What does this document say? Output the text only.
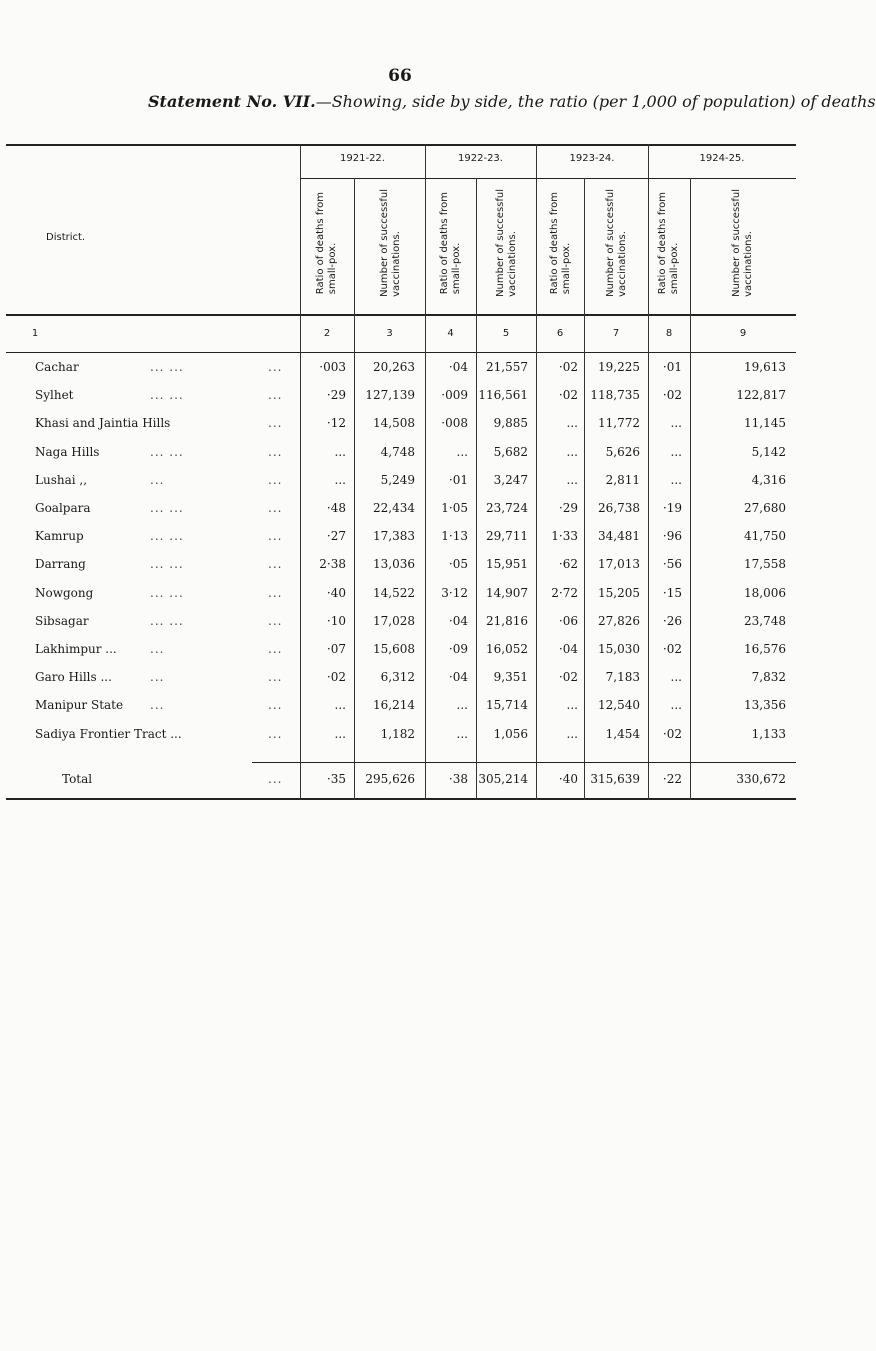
66
Statement No. VII.—Showing, side by side, the ratio (per 1,000 of population) of deaths
1921-22.	1922-23.	1923-24.	1924-25.
District.
Ratio of deaths from
small-pox.	Number of successful
vaccinations.	Ratio of deaths from
small-pox.	Number of successful
vaccinations.	Ratio of deaths from
small-pox.	Number of successful
vaccinations.	Ratio of deaths from
small-pox.	Number of successful
vaccinations.
1	2	3	4	5	6	7	8	9
Cachar	... ...	...	·003	20,263	·04	21,557	·02	19,225	·01	19,613
Sylhet	... ...	...	·29	127,139	·009 116,561	·02	118,735	·02	122,817
Khasi and Jaintia Hills	...	·12	14,508	·008	9,885	...	11,772	...	11,145
Naga Hills	... ...	...	...	4,748	...	5,682	...	5,626	...	5,142
Lushai ,,	...	...	...	5,249	·01	3,247	...	2,811	...	4,316
Goalpara	... ...	...	·48	22,434	1·05	23,724	·29	26,738	·19	27,680
Kamrup	... ...	...	·27	17,383	1·13	29,711	1·33	34,481	·96	41,750
Darrang	... ...	...	2·38	13,036	·05	15,951	·62	17,013	·56	17,558
Nowgong	... ...	...	·40	14,522	3·12	14,907	2·72	15,205	·15	18,006
Sibsagar	... ...	...	·10	17,028	·04	21,816	·06	27,826	·26	23,748
Lakhimpur ...	...	...	·07	15,608	·09	16,052	·04	15,030	·02	16,576
Garo Hills ...	...	...	·02	6,312	·04	9,351	·02	7,183	...	7,832
Manipur State	...	...	...	16,214	...	15,714	...	12,540	...	13,356
Sadiya Frontier Tract ...	...	...	1,182	...	1,056	...	1,454	·02	1,133
Total	...	·35	295,626	·38 305,214	·40	315,639	·22	330,672
